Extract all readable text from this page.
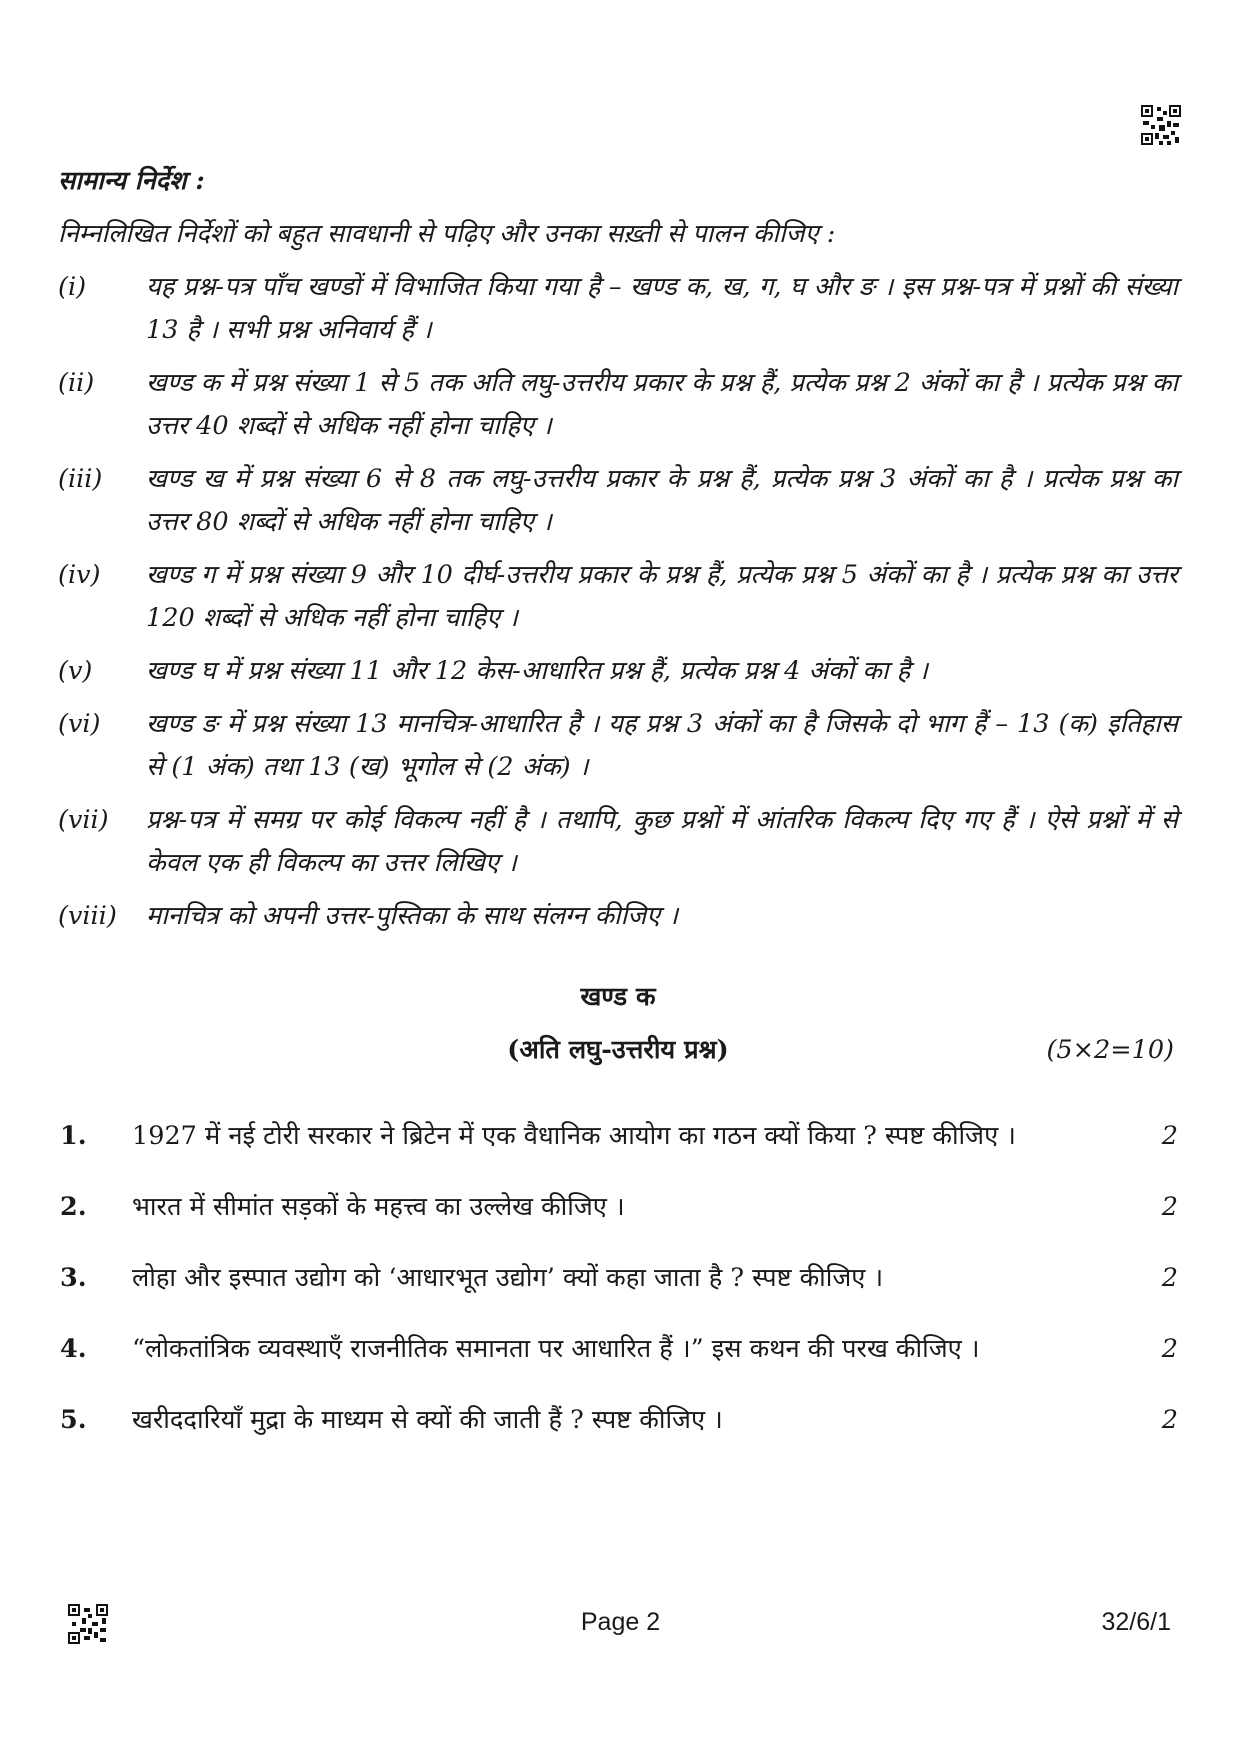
सामान्य निर्देश :
निम्नलिखित निर्देशों को बहुत सावधानी से पढ़िए और उनका सख़्ती से पालन कीजिए :
(i)	यह प्रश्न-पत्र पाँच खण्डों में विभाजित किया गया है – खण्ड क, ख, ग, घ और ङ । इस प्रश्न-पत्र में प्रश्नों की संख्या 13 है । सभी प्रश्न अनिवार्य हैं ।
(ii)	खण्ड क में प्रश्न संख्या 1 से 5 तक अति लघु-उत्तरीय प्रकार के प्रश्न हैं, प्रत्येक प्रश्न 2 अंकों का है । प्रत्येक प्रश्न का उत्तर 40 शब्दों से अधिक नहीं होना चाहिए ।
(iii)	खण्ड ख में प्रश्न संख्या 6 से 8 तक लघु-उत्तरीय प्रकार के प्रश्न हैं, प्रत्येक प्रश्न 3 अंकों का है । प्रत्येक प्रश्न का उत्तर 80 शब्दों से अधिक नहीं होना चाहिए ।
(iv)	खण्ड ग में प्रश्न संख्या 9 और 10 दीर्घ-उत्तरीय प्रकार के प्रश्न हैं, प्रत्येक प्रश्न 5 अंकों का है । प्रत्येक प्रश्न का उत्तर 120 शब्दों से अधिक नहीं होना चाहिए ।
(v)	खण्ड घ में प्रश्न संख्या 11 और 12 केस-आधारित प्रश्न हैं, प्रत्येक प्रश्न 4 अंकों का है ।
(vi)	खण्ड ङ में प्रश्न संख्या 13 मानचित्र-आधारित है । यह प्रश्न 3 अंकों का है जिसके दो भाग हैं – 13 (क) इतिहास से (1 अंक) तथा 13 (ख) भूगोल से (2 अंक) ।
(vii)	प्रश्न-पत्र में समग्र पर कोई विकल्प नहीं है । तथापि, कुछ प्रश्नों में आंतरिक विकल्प दिए गए हैं । ऐसे प्रश्नों में से केवल एक ही विकल्प का उत्तर लिखिए ।
(viii)	मानचित्र को अपनी उत्तर-पुस्तिका के साथ संलग्न कीजिए ।
खण्ड क
(अति लघु-उत्तरीय प्रश्न)	(5×2=10)
1.	1927 में नई टोरी सरकार ने ब्रिटेन में एक वैधानिक आयोग का गठन क्यों किया ? स्पष्ट कीजिए ।	2
2.	भारत में सीमांत सड़कों के महत्त्व का उल्लेख कीजिए ।	2
3.	लोहा और इस्पात उद्योग को ‘आधारभूत उद्योग’ क्यों कहा जाता है ? स्पष्ट कीजिए ।	2
4.	“लोकतांत्रिक व्यवस्थाएँ राजनीतिक समानता पर आधारित हैं ।” इस कथन की परख कीजिए ।	2
5.	खरीददारियाँ मुद्रा के माध्यम से क्यों की जाती हैं ? स्पष्ट कीजिए ।	2
Page 2	32/6/1
